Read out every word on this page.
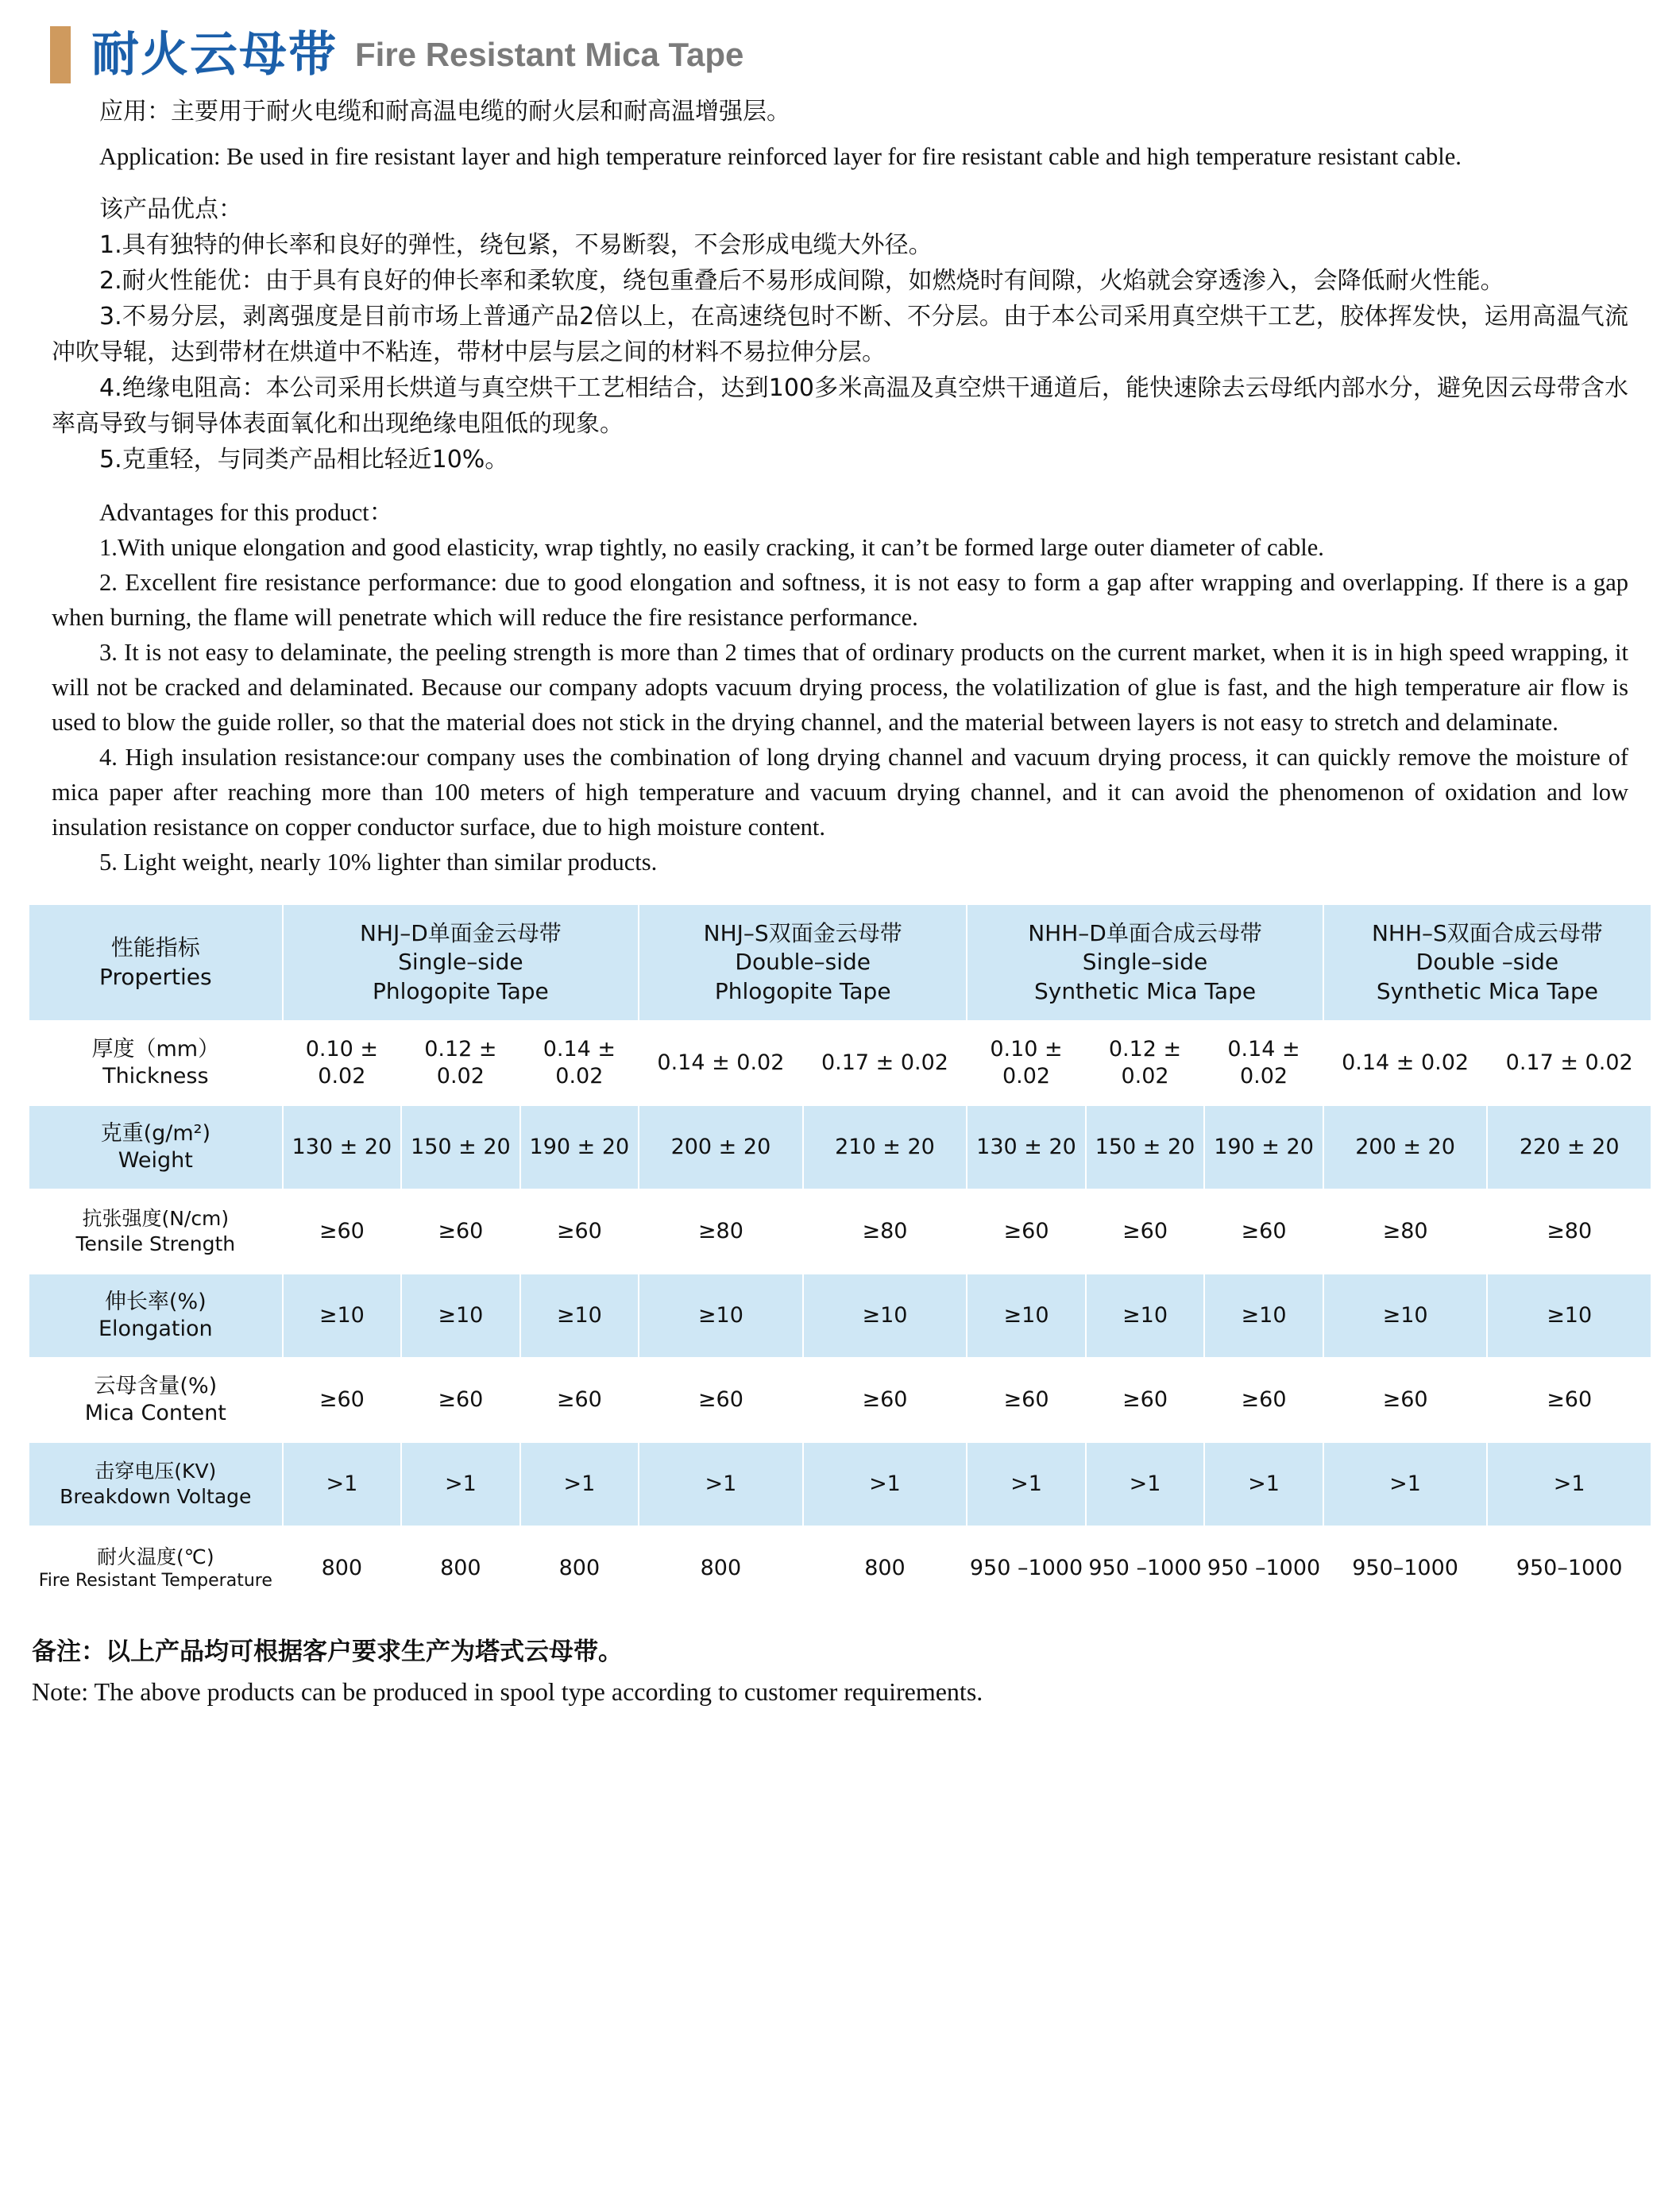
耐火云母带 Fire Resistant Mica Tape

应用：主要用于耐火电缆和耐高温电缆的耐火层和耐高温增强层。

Application: Be used in fire resistant layer and high temperature reinforced layer for fire resistant cable and high temperature resistant cable.

该产品优点：

1.具有独特的伸长率和良好的弹性，绕包紧，不易断裂，不会形成电缆大外径。

2.耐火性能优：由于具有良好的伸长率和柔软度，绕包重叠后不易形成间隙，如燃烧时有间隙，火焰就会穿透渗入，会降低耐火性能。

3.不易分层，剥离强度是目前市场上普通产品2倍以上，在高速绕包时不断、不分层。由于本公司采用真空烘干工艺，胶体挥发快，运用高温气流冲吹导辊，达到带材在烘道中不粘连，带材中层与层之间的材料不易拉伸分层。

4.绝缘电阻高：本公司采用长烘道与真空烘干工艺相结合，达到100多米高温及真空烘干通道后，能快速除去云母纸内部水分，避免因云母带含水率高导致与铜导体表面氧化和出现绝缘电阻低的现象。

5.克重轻，与同类产品相比轻近10%。

Advantages for this product：

1.With unique elongation and good elasticity, wrap tightly, no easily cracking, it can’t be formed large outer diameter of cable.

2. Excellent fire resistance performance: due to good elongation and softness, it is not easy to form a gap after wrapping and overlapping. If there is a gap when burning, the flame will penetrate which will reduce the fire resistance performance.

3. It is not easy to delaminate, the peeling strength is more than 2 times that of ordinary products on the current market, when it is in high speed wrapping, it will not be cracked and delaminated. Because our company adopts vacuum drying process, the volatilization of glue is fast, and the high temperature air flow is used to blow the guide roller, so that the material does not stick in the drying channel, and the material between layers is not easy to stretch and delaminate.

4. High insulation resistance:our company uses the combination of long drying channel and vacuum drying process, it can quickly remove the moisture of mica paper after reaching more than 100 meters of high temperature and vacuum drying channel, and it can avoid the phenomenon of oxidation and low insulation resistance on copper conductor surface, due to high moisture content.

5. Light weight, nearly 10% lighter than similar products.

性能指标
Properties	NHJ–D单面金云母带
Single–side
Phlogopite Tape			NHJ–S双面金云母带
Double–side
Phlogopite Tape		NHH–D单面合成云母带
Single–side
Synthetic Mica Tape			NHH–S双面合成云母带
Double –side
Synthetic Mica Tape	

厚度（mm）
Thickness	0.10 ± 0.02	0.12 ± 0.02	0.14 ± 0.02	0.14 ± 0.02	0.17 ± 0.02	0.10 ± 0.02	0.12 ± 0.02	0.14 ± 0.02	0.14 ± 0.02	0.17 ± 0.02

克重(g/m²)
Weight	130 ± 20	150 ± 20	190 ± 20	200 ± 20	210 ± 20	130 ± 20	150 ± 20	190 ± 20	200 ± 20	220 ± 20

抗张强度(N/cm)
Tensile Strength	≥60	≥60	≥60	≥80	≥80	≥60	≥60	≥60	≥80	≥80

伸长率(%)
Elongation	≥10	≥10	≥10	≥10	≥10	≥10	≥10	≥10	≥10	≥10

云母含量(%)
Mica Content	≥60	≥60	≥60	≥60	≥60	≥60	≥60	≥60	≥60	≥60

击穿电压(KV)
Breakdown Voltage	>1	>1	>1	>1	>1	>1	>1	>1	>1	>1

耐火温度(℃)
Fire Resistant Temperature	800	800	800	800	800	950 –1000	950 –1000	950 –1000	950–1000	950–1000

备注：以上产品均可根据客户要求生产为塔式云母带。

Note: The above products can be produced in spool type according to customer requirements.
